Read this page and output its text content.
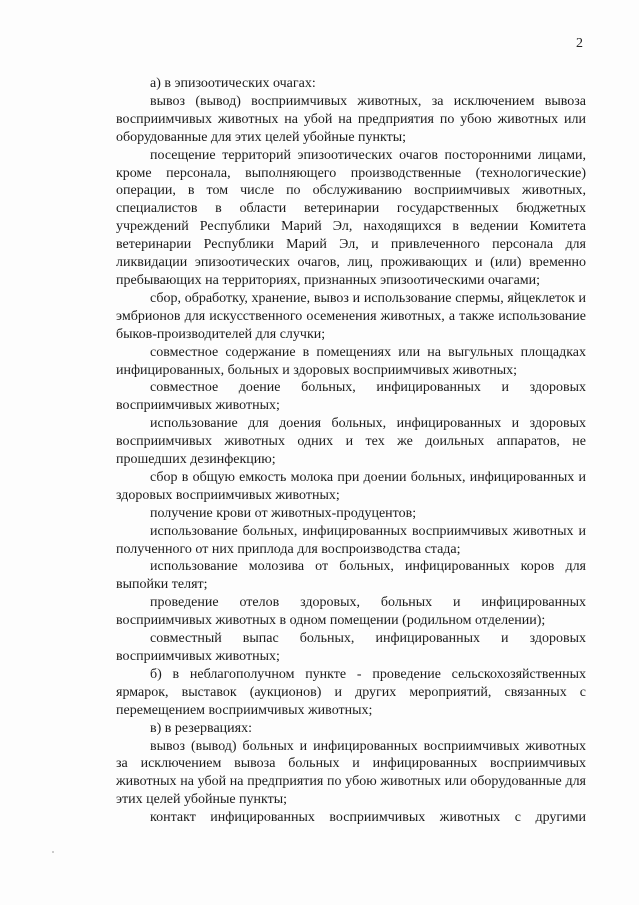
2

а) в эпизоотических очагах:

вывоз (вывод) восприимчивых животных, за исключением вывоза восприимчивых животных на убой на предприятия по убою животных или оборудованные для этих целей убойные пункты;

посещение территорий эпизоотических очагов посторонними лицами, кроме персонала, выполняющего производственные (технологические) операции, в том числе по обслуживанию восприимчивых животных, специалистов в области ветеринарии государственных бюджетных учреждений Республики Марий Эл, находящихся в ведении Комитета ветеринарии Республики Марий Эл, и привлеченного персонала для ликвидации эпизоотических очагов, лиц, проживающих и (или) временно пребывающих на территориях, признанных эпизоотическими очагами;

сбор, обработку, хранение, вывоз и использование спермы, яйцеклеток и эмбрионов для искусственного осеменения животных, а также использование быков-производителей для случки;

совместное содержание в помещениях или на выгульных площадках инфицированных, больных и здоровых восприимчивых животных;

совместное доение больных, инфицированных и здоровых восприимчивых животных;

использование для доения больных, инфицированных и здоровых восприимчивых животных одних и тех же доильных аппаратов, не прошедших дезинфекцию;

сбор в общую емкость молока при доении больных, инфицированных и здоровых восприимчивых животных;

получение крови от животных-продуцентов;

использование больных, инфицированных восприимчивых животных и полученного от них приплода для воспроизводства стада;

использование молозива от больных, инфицированных коров для выпойки телят;

проведение отелов здоровых, больных и инфицированных восприимчивых животных в одном помещении (родильном отделении);

совместный выпас больных, инфицированных и здоровых восприимчивых животных;

б) в неблагополучном пункте - проведение сельскохозяйственных ярмарок, выставок (аукционов) и других мероприятий, связанных с перемещением восприимчивых животных;

в) в резервациях:

вывоз (вывод) больных и инфицированных восприимчивых животных за исключением вывоза больных и инфицированных восприимчивых животных на убой на предприятия по убою животных или оборудованные для этих целей убойные пункты;

контакт инфицированных восприимчивых животных с другими
